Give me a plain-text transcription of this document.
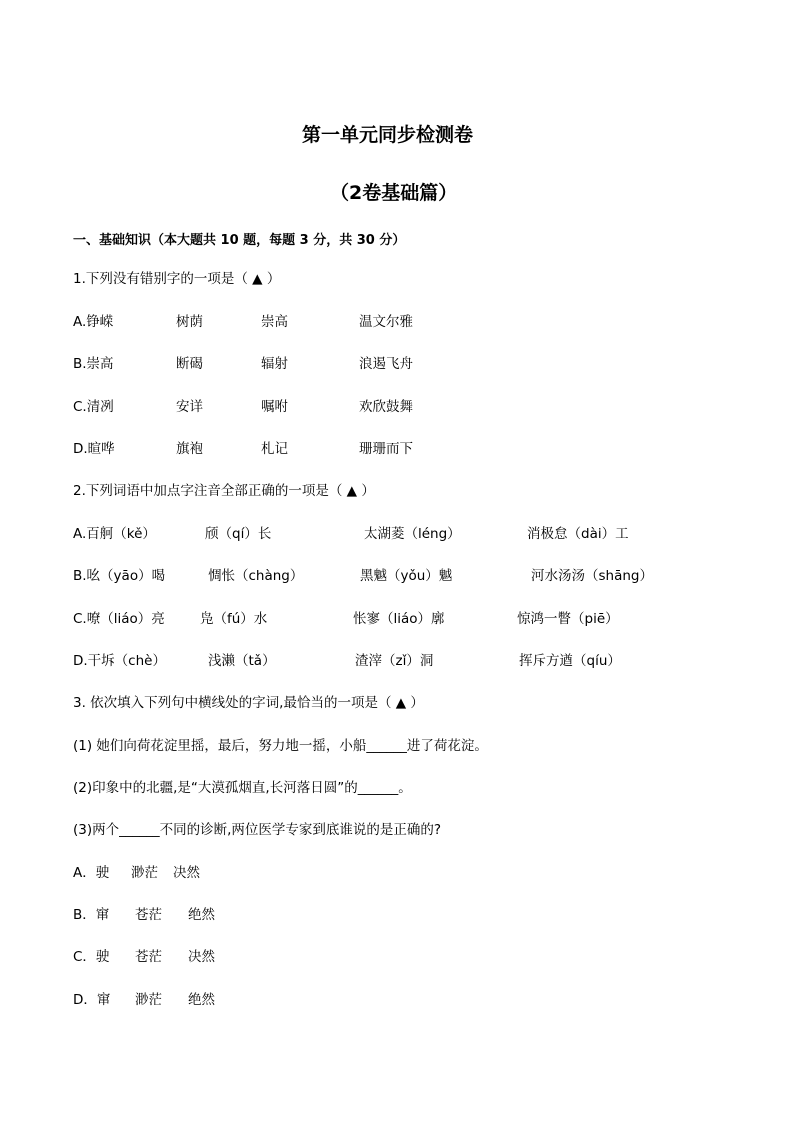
第一单元同步检测卷
（2卷基础篇）
一、基础知识（本大题共 10 题，每题 3 分，共 30 分）
1.下列没有错别字的一项是（ ▲ ）
A.铮嵘	树荫	崇高	温文尔雅
B.崇高	断碣	辐射	浪遏飞舟
C.清冽	安详	嘱咐	欢欣鼓舞
D.暄哗	旗袍	札记	珊珊而下
2.下列词语中加点字注音全部正确的一项是（ ▲ ）
A.百舸（kě）	颀（qí）长	太湖菱（léng）	消极怠（dài）工
B.吆（yāo）喝	惆怅（chàng）	黑魆（yǒu）魆	河水汤汤（shāng）
C.嘹（liáo）亮	凫（fú）水	怅寥（liáo）廓	惊鸿一瞥（piē）
D.干坼（chè）	浅濑（tǎ）	渣滓（zǐ）洞	挥斥方遒（qíu）
3. 依次填入下列句中横线处的字词,最恰当的一项是（ ▲ ）
(1) 她们向荷花淀里摇，最后，努力地一摇，小船______进了荷花淀。
(2)印象中的北疆,是“大漠孤烟直,长河落日圆”的______。
(3)两个______不同的诊断,两位医学专家到底谁说的是正确的?
A．驶 渺茫 决然
B．窜 苍茫 绝然
C．驶 苍茫 决然
D．窜 渺茫 绝然
